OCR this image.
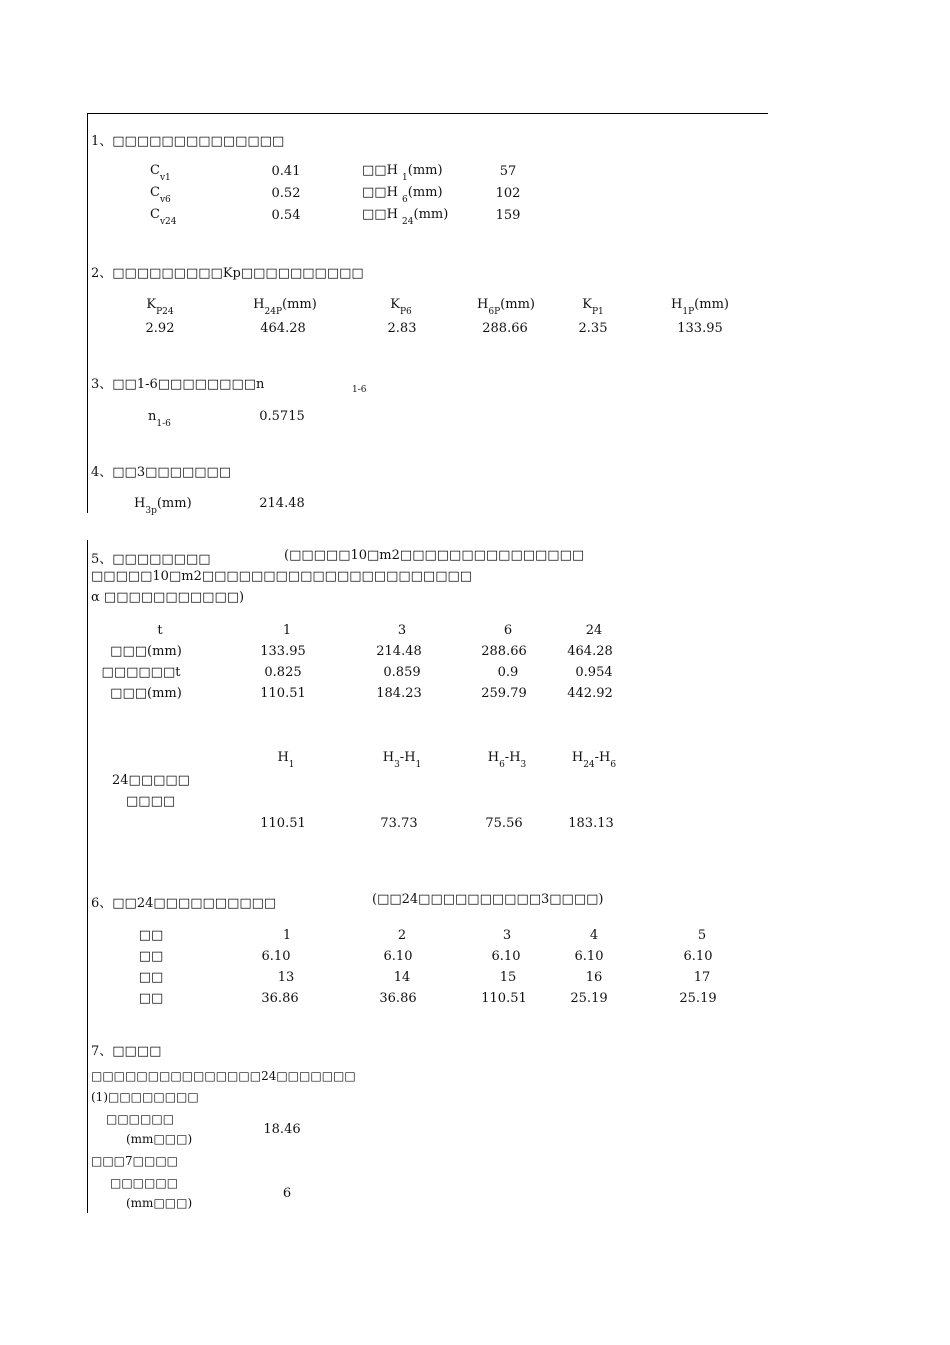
1、□□□□□□□□□□□□□□
$C_{v1}$	0.41	□□H $_1$(mm)	57
$C_{v6}$	0.52	□□H $_6$(mm)	102
$C_{v24}$	0.54	□□H $_{24}$(mm)	159
2、□□□□□□□□□Kp□□□□□□□□□□
$K_{P24}$	$H_{24P}(mm)$	$K_{P6}$	$H_{6P}(mm)$	$K_{P1}$	$H_{1P}(mm)$
2.92	464.28	2.83	288.66	2.35	133.95
3、□□1-6□□□□□□□□n	1-6
$n_{1-6}$	0.5715
4、□□3□□□□□□□
$H_{3p}(mm)$	214.48
5、□□□□□□□□	(□□□□□10□m2□□□□□□□□□□□□□□□
□□□□□10□m2□□□□□□□□□□□□□□□□□□□□□□
α □□□□□□□□□□□)
t	1	3	6	24
□□□(mm)	133.95	214.48	288.66	464.28
□□□□□□t	0.825	0.859	0.9	0.954
□□□(mm)	110.51	184.23	259.79	442.92
$H_1$	$H_3-H_1$	$H_6-H_3$	$H_{24}-H_6$
24□□□□□
□□□□
110.51	73.73	75.56	183.13
6、□□24□□□□□□□□□□	(□□24□□□□□□□□□□3□□□□)
□□	1	2	3	4	5
□□	6.10	6.10	6.10	6.10	6.10
□□	13	14	15	16	17
□□	36.86	36.86	110.51	25.19	25.19
7、□□□□
□□□□□□□□□□□□□□□24□□□□□□□
(1)□□□□□□□□
□□□□□□
(mm□□□)
18.46
□□□7□□□□
□□□□□□
(mm□□□)
6
